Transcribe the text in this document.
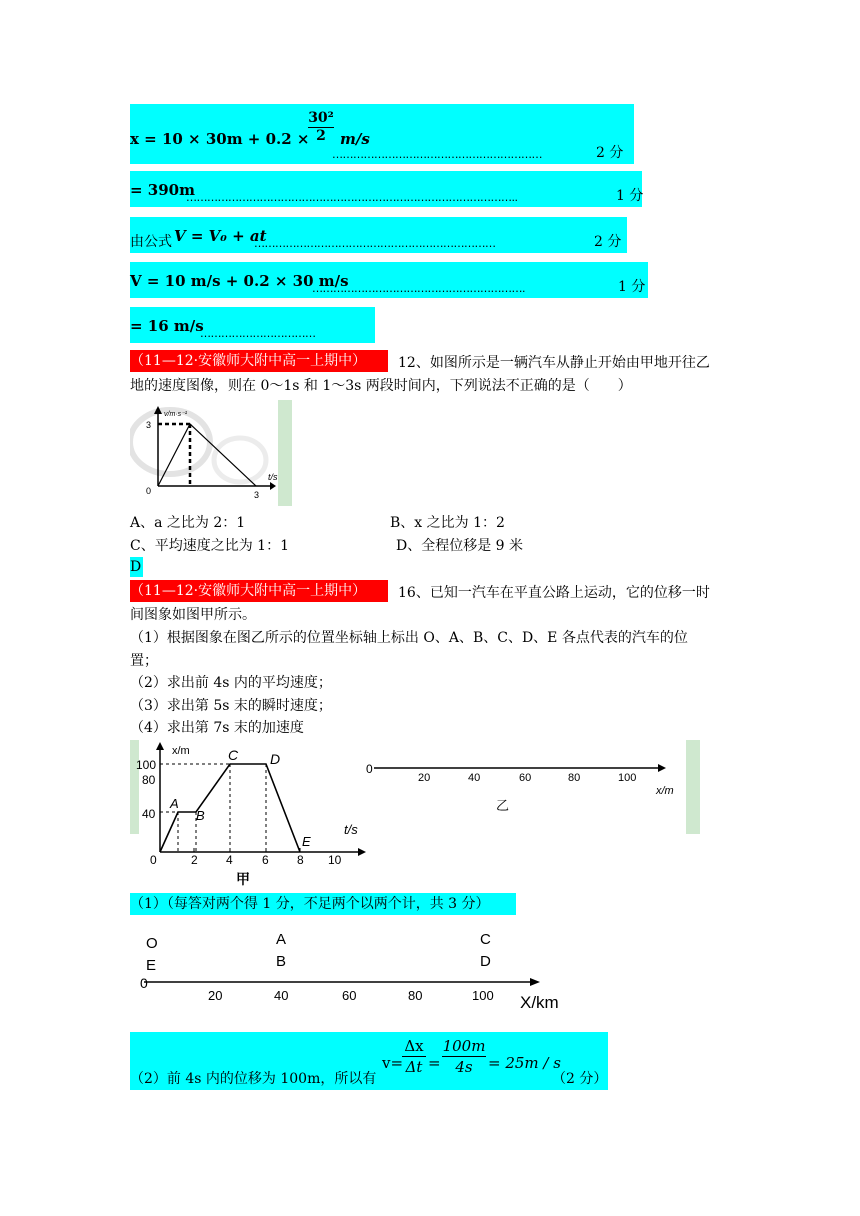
x = 10 × 30m + 0.2 ×
30²
2 m/s
……………………………………………………	2 分
= 390m
…………………………………………………………………………………..	1 分
由公式 V = V₀ + at
……………………………………………………………	2 分
V = 10 m/s + 0.2 × 30 m/s
…………………………………………………….	1 分
= 16 m/s
……………………………
（11—12·安徽师大附中高一上期中）	12、如图所示是一辆汽车从静止开始由甲地开往乙
地的速度图像，则在 0～1s 和 1～3s 两段时间内，下列说法不正确的是（　　）
v/m·s⁻¹
3
t/s
3
0
A、a 之比为 2：1	B、x 之比为 1：2
C、平均速度之比为 1：1	D、全程位移是 9 米
D
（11—12·安徽师大附中高一上期中）	16、已知一汽车在平直公路上运动，它的位移一时
间图象如图甲所示。
（1）根据图象在图乙所示的位置坐标轴上标出 O、A、B、C、D、E 各点代表的汽车的位
置；
（2）求出前 4s 内的平均速度；
（3）求出第 5s 末的瞬时速度；
（4）求出第 7s 末的加速度
x/m
100
80
40
0	2 4 6 8 10
t/s
A
B
C D
E
甲
0
20	40	60	80	100
x/m
乙
（1）（每答对两个得 1 分，不足两个以两个计，共 3 分）
0
20	40	60	80	100 X/km
O
E
A
B
C
D
（2）前 4s 内的位移为 100m，所以有
v=
Δx
Δt =
100m
4s	= 25m / s
（2 分）
